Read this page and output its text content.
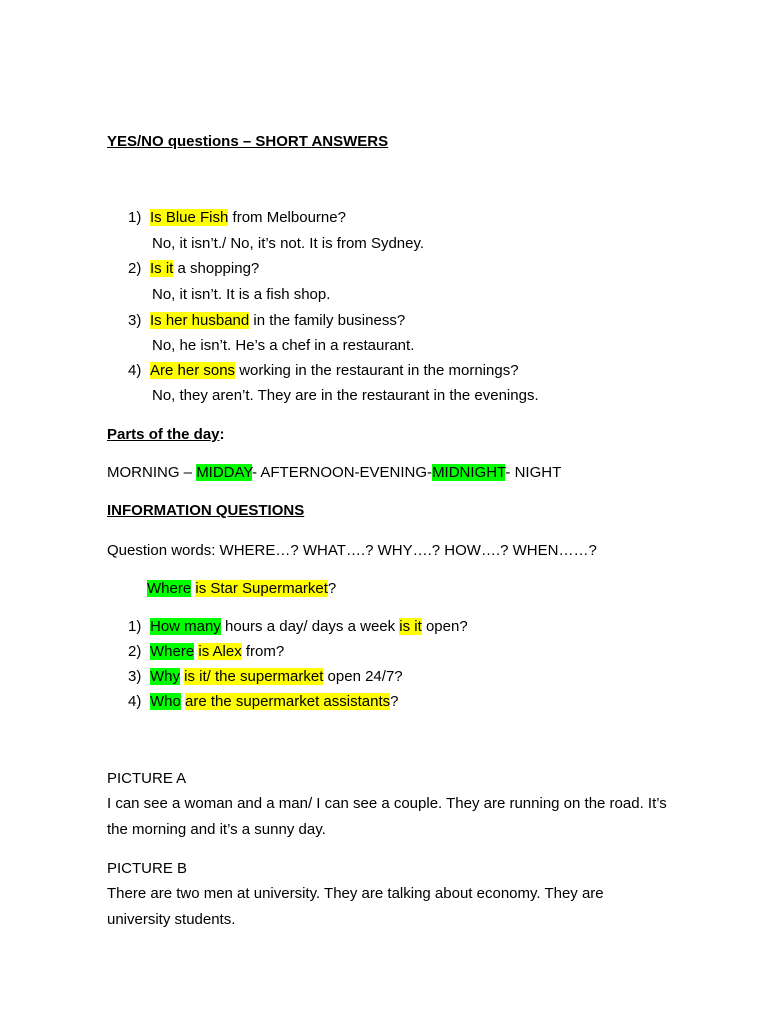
YES/NO questions – SHORT ANSWERS
1) Is Blue Fish from Melbourne?
No, it isn’t./ No, it’s not. It is from Sydney.
2) Is it a shopping?
No, it isn’t. It is a fish shop.
3) Is her husband in the family business?
No, he isn’t. He’s a chef in a restaurant.
4) Are her sons working in the restaurant in the mornings?
No, they aren’t. They are in the restaurant in the evenings.
Parts of the day:
MORNING – MIDDAY- AFTERNOON-EVENING-MIDNIGHT- NIGHT
INFORMATION QUESTIONS
Question words: WHERE…? WHAT….? WHY….? HOW….? WHEN……?
Where is Star Supermarket?
1) How many hours a day/ days a week is it open?
2) Where is Alex from?
3) Why is it/ the supermarket open 24/7?
4) Who are the supermarket assistants?
PICTURE A
I can see a woman and a man/ I can see a couple. They are running on the road. It’s the morning and it’s a sunny day.
PICTURE B
There are two men at university. They are talking about economy. They are university students.
